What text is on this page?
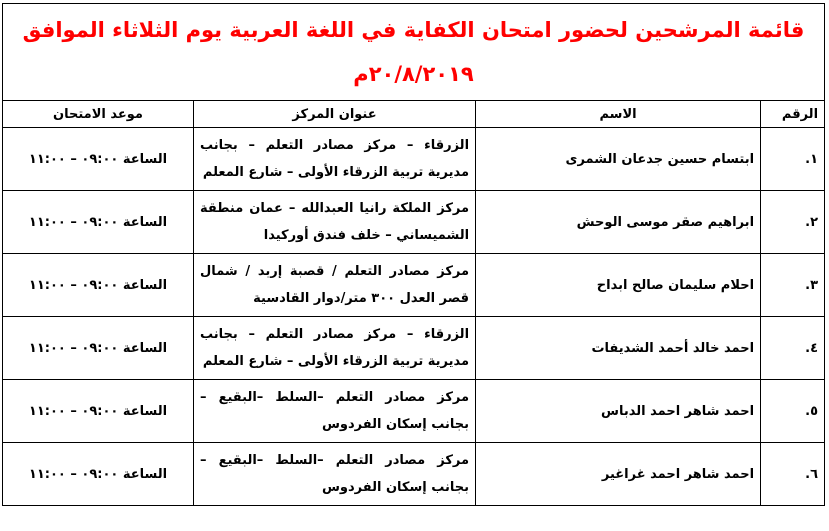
قائمة المرشحين لحضور امتحان الكفاية في اللغة العربية يوم الثلاثاء الموافق
٢٠/٨/٢٠١٩م			

الرقم	الاسم	عنوان المركز	موعد الامتحان
١.	ابتسام حسين جدعان الشمرى	الزرقاء – مركز مصادر التعلم – بجانب مديرية تربية الزرقاء الأولى – شارع المعلم	الساعة ٠٩:٠٠ – ١١:٠٠
٢.	ابراهيم صقر موسى الوحش	مركز الملكة رانيا العبدالله – عمان منطقة الشميساني – خلف فندق أوركيدا	الساعة ٠٩:٠٠ – ١١:٠٠
٣.	احلام سليمان صالح ابداح	مركز مصادر التعلم / قصبة إربد / شمال قصر العدل ٣٠٠ متر/دوار القادسية	الساعة ٠٩:٠٠ – ١١:٠٠
٤.	احمد خالد أحمد الشديفات	الزرقاء – مركز مصادر التعلم – بجانب مديرية تربية الزرقاء الأولى – شارع المعلم	الساعة ٠٩:٠٠ – ١١:٠٠
٥.	احمد شاهر احمد الدباس	مركز مصادر التعلم –السلط –البقيع –بجانب إسكان الفردوس	الساعة ٠٩:٠٠ – ١١:٠٠
٦.	احمد شاهر احمد غراغير	مركز مصادر التعلم –السلط –البقيع –بجانب إسكان الفردوس	الساعة ٠٩:٠٠ – ١١:٠٠
